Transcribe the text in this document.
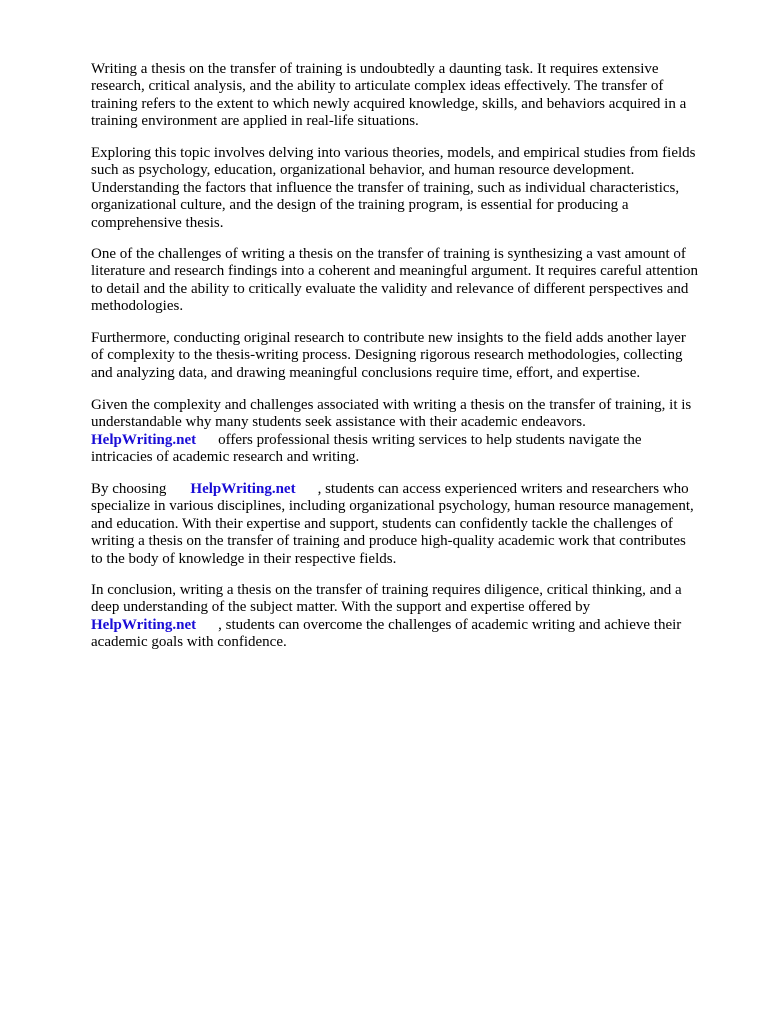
Writing a thesis on the transfer of training is undoubtedly a daunting task. It requires extensive
research, critical analysis, and the ability to articulate complex ideas effectively. The transfer of
training refers to the extent to which newly acquired knowledge, skills, and behaviors acquired in a
training environment are applied in real-life situations.

Exploring this topic involves delving into various theories, models, and empirical studies from fields
such as psychology, education, organizational behavior, and human resource development.
Understanding the factors that influence the transfer of training, such as individual characteristics,
organizational culture, and the design of the training program, is essential for producing a
comprehensive thesis.

One of the challenges of writing a thesis on the transfer of training is synthesizing a vast amount of
literature and research findings into a coherent and meaningful argument. It requires careful attention
to detail and the ability to critically evaluate the validity and relevance of different perspectives and
methodologies.

Furthermore, conducting original research to contribute new insights to the field adds another layer
of complexity to the thesis-writing process. Designing rigorous research methodologies, collecting
and analyzing data, and drawing meaningful conclusions require time, effort, and expertise.

Given the complexity and challenges associated with writing a thesis on the transfer of training, it is
understandable why many students seek assistance with their academic endeavors.
HelpWriting.net offers professional thesis writing services to help students navigate the
intricacies of academic research and writing.

By choosing HelpWriting.net , students can access experienced writers and researchers who
specialize in various disciplines, including organizational psychology, human resource management,
and education. With their expertise and support, students can confidently tackle the challenges of
writing a thesis on the transfer of training and produce high-quality academic work that contributes
to the body of knowledge in their respective fields.

In conclusion, writing a thesis on the transfer of training requires diligence, critical thinking, and a
deep understanding of the subject matter. With the support and expertise offered by
HelpWriting.net , students can overcome the challenges of academic writing and achieve their
academic goals with confidence.
